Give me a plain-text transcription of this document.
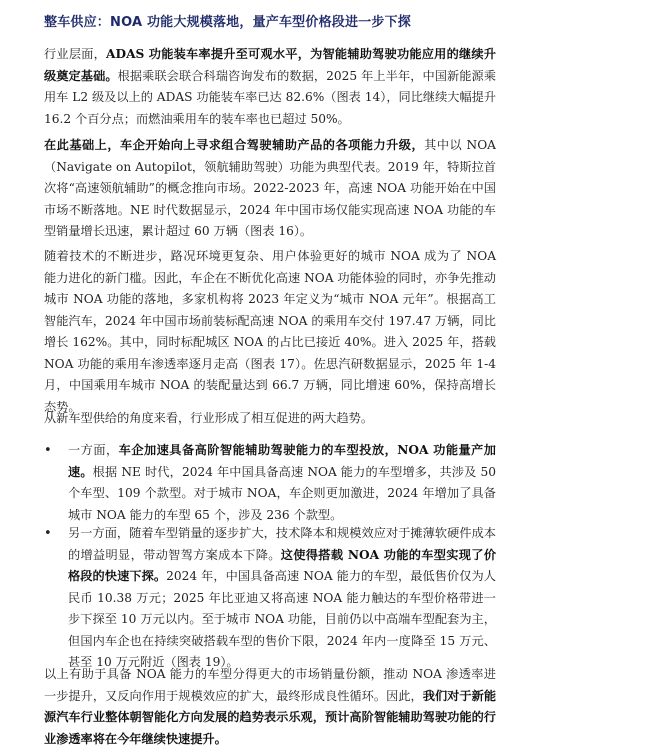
整车供应：NOA 功能大规模落地，量产车型价格段进一步下探

行业层面，ADAS 功能装车率提升至可观水平，为智能辅助驾驶功能应用的继续升级奠定基础。根据乘联会联合科瑞咨询发布的数据，2025 年上半年，中国新能源乘用车 L2 级及以上的 ADAS 功能装车率已达 82.6%（图表 14），同比继续大幅提升 16.2 个百分点；而燃油乘用车的装车率也已超过 50%。

在此基础上，车企开始向上寻求组合驾驶辅助产品的各项能力升级，其中以 NOA（Navigate on Autopilot，领航辅助驾驶）功能为典型代表。2019 年，特斯拉首次将“高速领航辅助”的概念推向市场。2022-2023 年，高速 NOA 功能开始在中国市场不断落地。NE 时代数据显示，2024 年中国市场仅能实现高速 NOA 功能的车型销量增长迅速，累计超过 60 万辆（图表 16）。

随着技术的不断进步，路况环境更复杂、用户体验更好的城市 NOA 成为了 NOA 能力进化的新门槛。因此，车企在不断优化高速 NOA 功能体验的同时，亦争先推动城市 NOA 功能的落地，多家机构将 2023 年定义为“城市 NOA 元年”。根据高工智能汽车，2024 年中国市场前装标配高速 NOA 的乘用车交付 197.47 万辆，同比增长 162%。其中，同时标配城区 NOA 的占比已接近 40%。进入 2025 年，搭载 NOA 功能的乘用车渗透率逐月走高（图表 17）。佐思汽研数据显示，2025 年 1-4 月，中国乘用车城市 NOA 的装配量达到 66.7 万辆，同比增速 60%，保持高增长态势。

从新车型供给的角度来看，行业形成了相互促进的两大趋势。

• 一方面，车企加速具备高阶智能辅助驾驶能力的车型投放，NOA 功能量产加速。根据 NE 时代，2024 年中国具备高速 NOA 能力的车型增多，共涉及 50 个车型、109 个款型。对于城市 NOA，车企则更加激进，2024 年增加了具备城市 NOA 能力的车型 65 个，涉及 236 个款型。

• 另一方面，随着车型销量的逐步扩大，技术降本和规模效应对于摊薄软硬件成本的增益明显，带动智驾方案成本下降。这使得搭载 NOA 功能的车型实现了价格段的快速下探。2024 年，中国具备高速 NOA 能力的车型，最低售价仅为人民币 10.38 万元；2025 年比亚迪又将高速 NOA 能力触达的车型价格带进一步下探至 10 万元以内。至于城市 NOA 功能，目前仍以中高端车型配套为主，但国内车企也在持续突破搭载车型的售价下限，2024 年内一度降至 15 万元、甚至 10 万元附近（图表 19）。

以上有助于具备 NOA 能力的车型分得更大的市场销量份额，推动 NOA 渗透率进一步提升，又反向作用于规模效应的扩大，最终形成良性循环。因此，我们对于新能源汽车行业整体朝智能化方向发展的趋势表示乐观，预计高阶智能辅助驾驶功能的行业渗透率将在今年继续快速提升。
